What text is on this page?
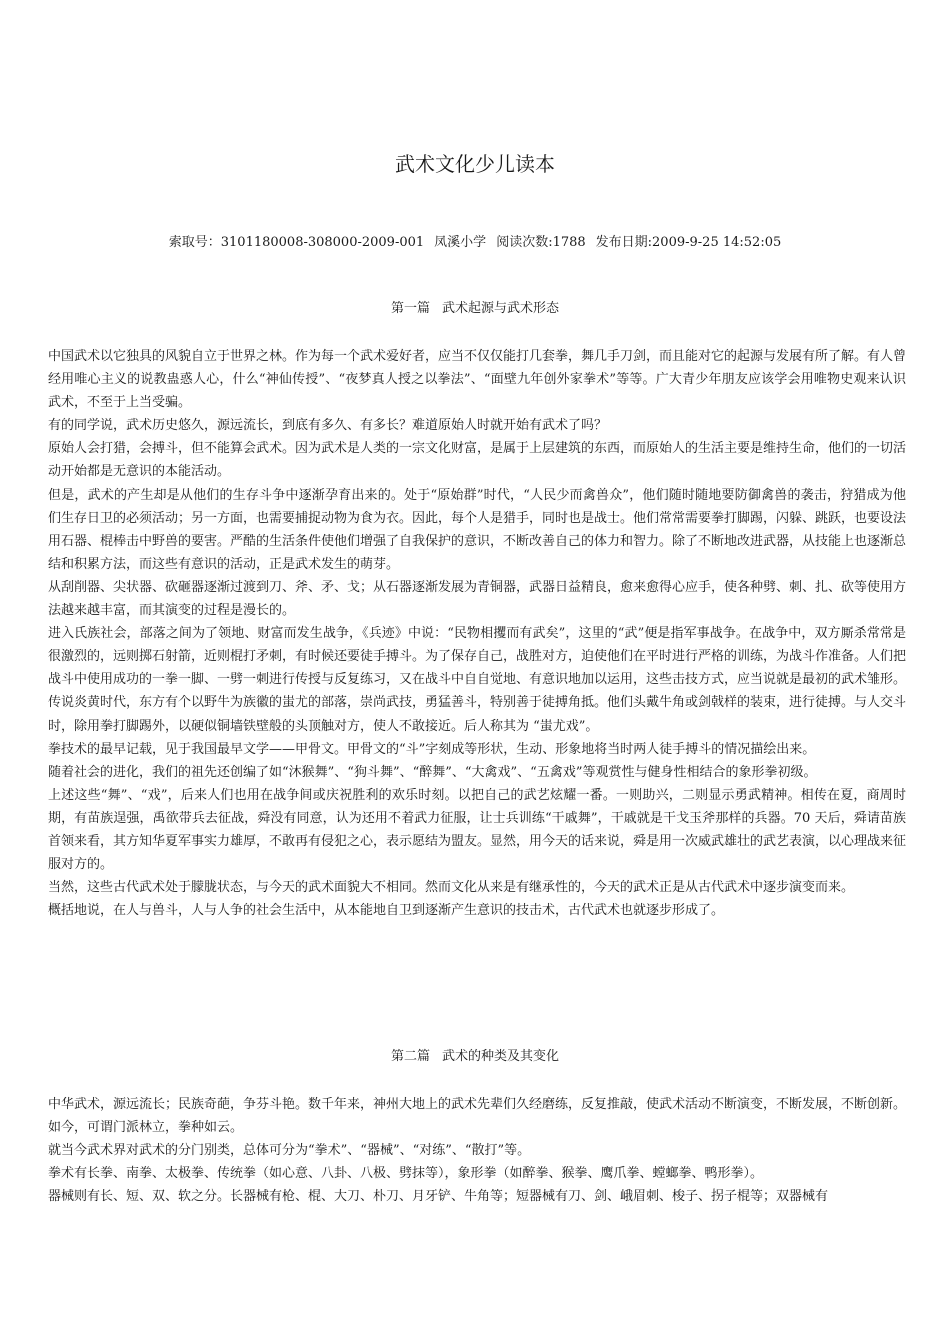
武术文化少儿读本
索取号：3101180008-308000-2009-001 凤溪小学 阅读次数:1788 发布日期:2009-9-25 14:52:05
第一篇 武术起源与武术形态

中国武术以它独具的风貌自立于世界之林。作为每一个武术爱好者，应当不仅仅能打几套拳，舞几手刀剑，而且能对它的起源与发展有所了解。有人曾经用唯心主义的说教蛊惑人心，什么“神仙传授”、“夜梦真人授之以拳法”、“面壁九年创外家拳术”等等。广大青少年朋友应该学会用唯物史观来认识武术，不至于上当受骗。

有的同学说，武术历史悠久，源远流长，到底有多久、有多长？难道原始人时就开始有武术了吗？

原始人会打猎，会搏斗，但不能算会武术。因为武术是人类的一宗文化财富，是属于上层建筑的东西，而原始人的生活主要是维持生命，他们的一切活动开始都是无意识的本能活动。

但是，武术的产生却是从他们的生存斗争中逐渐孕育出来的。处于“原始群”时代，“人民少而禽兽众”，他们随时随地要防御禽兽的袭击，狩猎成为他们生存日卫的必须活动；另一方面，也需要捕捉动物为食为衣。因此，每个人是猎手，同时也是战士。他们常常需要拳打脚踢，闪躲、跳跃，也要设法用石器、棍棒击中野兽的要害。严酷的生活条件使他们增强了自我保护的意识，不断改善自己的体力和智力。除了不断地改进武器，从技能上也逐渐总结和积累方法，而这些有意识的活动，正是武术发生的萌芽。

从刮削器、尖状器、砍砸器逐渐过渡到刀、斧、矛、戈；从石器逐渐发展为青铜器，武器日益精良，愈来愈得心应手，使各种劈、刺、扎、砍等使用方法越来越丰富，而其演变的过程是漫长的。

进入氏族社会，部落之间为了领地、财富而发生战争，《兵迹》中说：“民物相攫而有武矣”，这里的“武”便是指军事战争。在战争中，双方厮杀常常是很激烈的，远则掷石射箭，近则棍打矛刺，有时候还要徒手搏斗。为了保存自己，战胜对方，迫使他们在平时进行严格的训练，为战斗作准备。人们把战斗中使用成功的一拳一脚、一劈一刺进行传授与反复练习，又在战斗中自自觉地、有意识地加以运用，这些击技方式，应当说就是最初的武术雏形。

传说炎黄时代，东方有个以野牛为族徽的蚩尤的部落，崇尚武技，勇猛善斗，特别善于徒搏角抵。他们头戴牛角或剑戟样的装束，进行徒搏。与人交斗时，除用拳打脚踢外，以硬似铜墙铁壁般的头顶触对方，使人不敢接近。后人称其为 “蚩尤戏”。

拳技术的最早记载，见于我国最早文学——甲骨文。甲骨文的“斗”字刻成等形状，生动、形象地将当时两人徒手搏斗的情况描绘出来。

随着社会的进化，我们的祖先还创编了如“沐猴舞”、“狗斗舞”、“醉舞”、“大禽戏”、“五禽戏”等观赏性与健身性相结合的象形拳初级。

上述这些“舞”、“戏”，后来人们也用在战争间或庆祝胜利的欢乐时刻。以把自己的武艺炫耀一番。一则助兴，二则显示勇武精神。相传在夏，商周时期，有苗族逞强，禹欲带兵去征战，舜没有同意，认为还用不着武力征服，让士兵训练“干戚舞”，干戚就是干戈玉斧那样的兵器。70 天后，舜请苗族首领来看，其方知华夏军事实力雄厚，不敢再有侵犯之心，表示愿结为盟友。显然，用今天的话来说，舜是用一次威武雄壮的武艺表演，以心理战来征服对方的。

当然，这些古代武术处于朦胧状态，与今天的武术面貌大不相同。然而文化从来是有继承性的，今天的武术正是从古代武术中逐步演变而来。

概括地说，在人与兽斗，人与人争的社会生活中，从本能地自卫到逐渐产生意识的技击术，古代武术也就逐步形成了。

第二篇 武术的种类及其变化

中华武术，源远流长；民族奇葩，争芬斗艳。数千年来，神州大地上的武术先辈们久经磨练，反复推敲，使武术活动不断演变，不断发展，不断创新。如今，可谓门派林立，拳种如云。

就当今武术界对武术的分门别类，总体可分为“拳术”、“器械”、“对练”、“散打”等。

拳术有长拳、南拳、太极拳、传统拳（如心意、八卦、八极、劈抹等），象形拳（如醉拳、猴拳、鹰爪拳、螳螂拳、鸭形拳）。

器械则有长、短、双、软之分。长器械有枪、棍、大刀、朴刀、月牙铲、牛角等；短器械有刀、剑、峨眉刺、梭子、拐子棍等；双器械有
